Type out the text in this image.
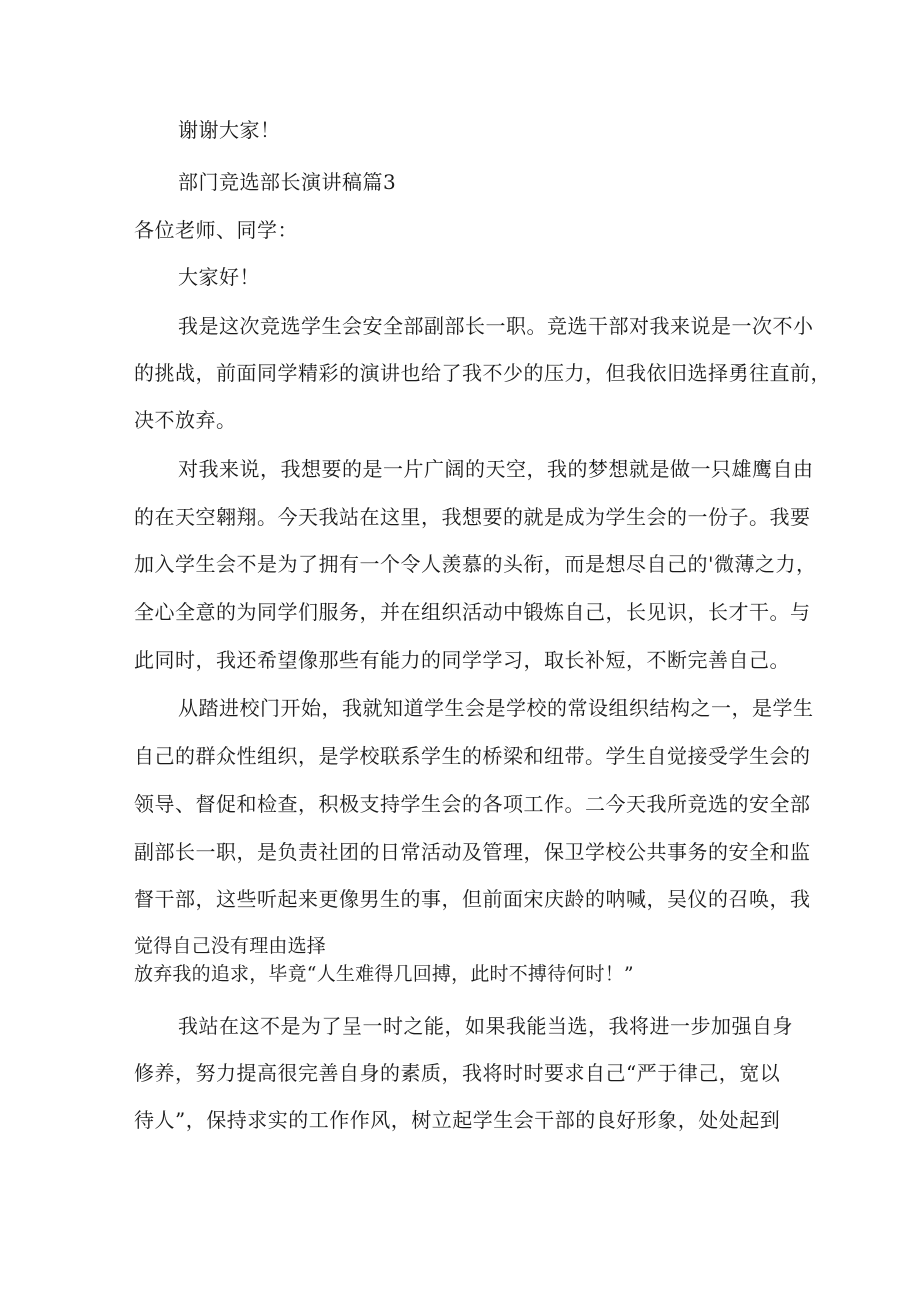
谢谢大家！
部门竞选部长演讲稿篇3
各位老师、同学：
大家好！
我是这次竞选学生会安全部副部长一职。竞选干部对我来说是一次不小
的挑战，前面同学精彩的演讲也给了我不少的压力，但我依旧选择勇往直前，
决不放弃。
对我来说，我想要的是一片广阔的天空，我的梦想就是做一只雄鹰自由
的在天空翱翔。今天我站在这里，我想要的就是成为学生会的一份子。我要
加入学生会不是为了拥有一个令人羡慕的头衔，而是想尽自己的'微薄之力，
全心全意的为同学们服务，并在组织活动中锻炼自己，长见识，长才干。与
此同时，我还希望像那些有能力的同学学习，取长补短，不断完善自己。
从踏进校门开始，我就知道学生会是学校的常设组织结构之一，是学生
自己的群众性组织，是学校联系学生的桥梁和纽带。学生自觉接受学生会的
领导、督促和检查，积极支持学生会的各项工作。二今天我所竞选的安全部
副部长一职，是负责社团的日常活动及管理，保卫学校公共事务的安全和监
督干部，这些听起来更像男生的事，但前面宋庆龄的呐喊，吴仪的召唤，我
觉得自己没有理由选择
放弃我的追求，毕竟“人生难得几回搏，此时不搏待何时！”
我站在这不是为了呈一时之能，如果我能当选，我将进一步加强自身
修养，努力提高很完善自身的素质，我将时时要求自己“严于律己，宽以
待人”，保持求实的工作作风，树立起学生会干部的良好形象，处处起到
